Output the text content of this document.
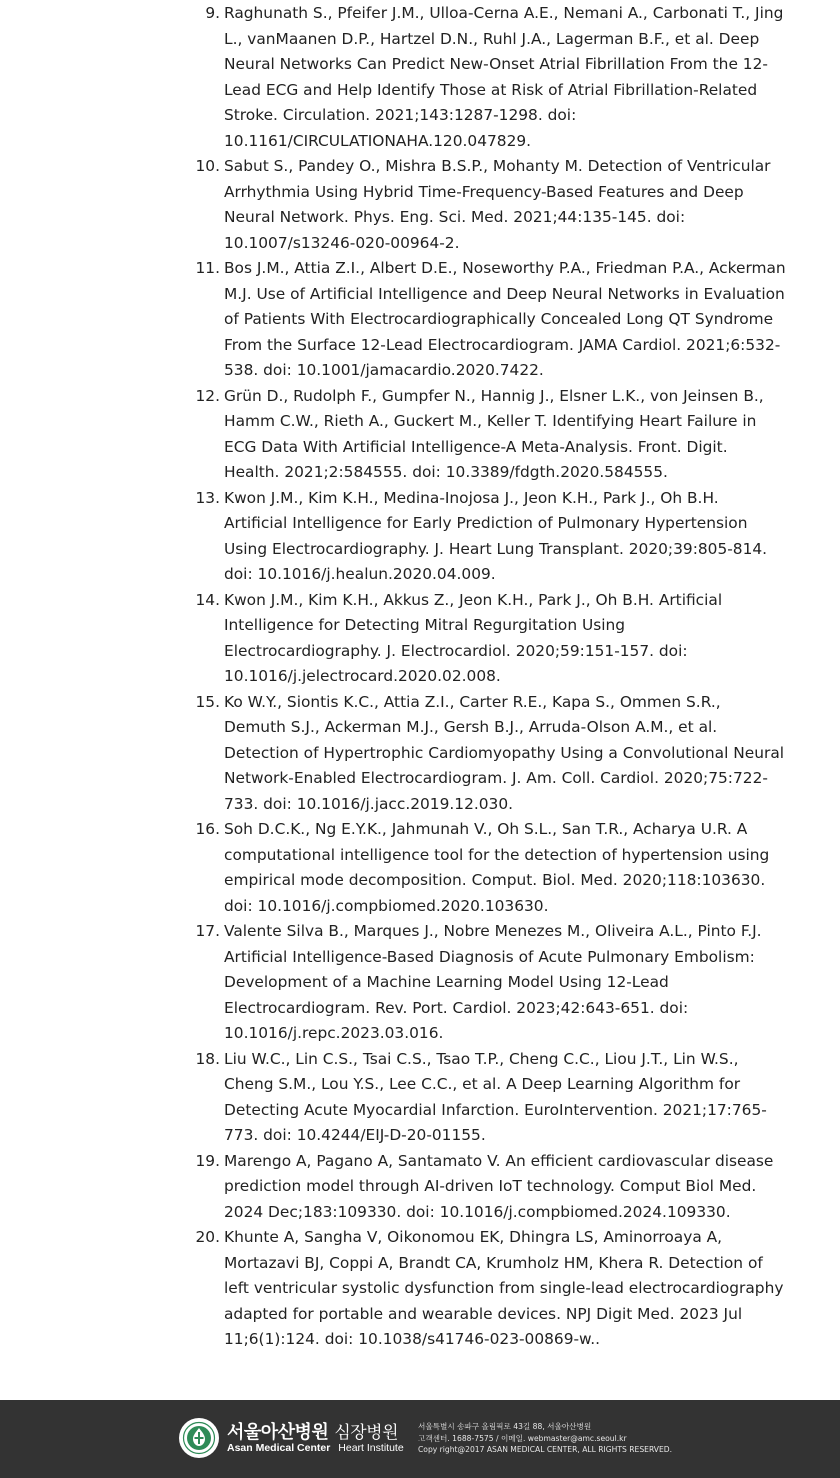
9. Raghunath S., Pfeifer J.M., Ulloa-Cerna A.E., Nemani A., Carbonati T., Jing L., vanMaanen D.P., Hartzel D.N., Ruhl J.A., Lagerman B.F., et al. Deep Neural Networks Can Predict New-Onset Atrial Fibrillation From the 12-Lead ECG and Help Identify Those at Risk of Atrial Fibrillation-Related Stroke. Circulation. 2021;143:1287-1298. doi: 10.1161/CIRCULATIONAHA.120.047829.
10. Sabut S., Pandey O., Mishra B.S.P., Mohanty M. Detection of Ventricular Arrhythmia Using Hybrid Time-Frequency-Based Features and Deep Neural Network. Phys. Eng. Sci. Med. 2021;44:135-145. doi: 10.1007/s13246-020-00964-2.
11. Bos J.M., Attia Z.I., Albert D.E., Noseworthy P.A., Friedman P.A., Ackerman M.J. Use of Artificial Intelligence and Deep Neural Networks in Evaluation of Patients With Electrocardiographically Concealed Long QT Syndrome From the Surface 12-Lead Electrocardiogram. JAMA Cardiol. 2021;6:532-538. doi: 10.1001/jamacardio.2020.7422.
12. Grün D., Rudolph F., Gumpfer N., Hannig J., Elsner L.K., von Jeinsen B., Hamm C.W., Rieth A., Guckert M., Keller T. Identifying Heart Failure in ECG Data With Artificial Intelligence-A Meta-Analysis. Front. Digit. Health. 2021;2:584555. doi: 10.3389/fdgth.2020.584555.
13. Kwon J.M., Kim K.H., Medina-Inojosa J., Jeon K.H., Park J., Oh B.H. Artificial Intelligence for Early Prediction of Pulmonary Hypertension Using Electrocardiography. J. Heart Lung Transplant. 2020;39:805-814. doi: 10.1016/j.healun.2020.04.009.
14. Kwon J.M., Kim K.H., Akkus Z., Jeon K.H., Park J., Oh B.H. Artificial Intelligence for Detecting Mitral Regurgitation Using Electrocardiography. J. Electrocardiol. 2020;59:151-157. doi: 10.1016/j.jelectrocard.2020.02.008.
15. Ko W.Y., Siontis K.C., Attia Z.I., Carter R.E., Kapa S., Ommen S.R., Demuth S.J., Ackerman M.J., Gersh B.J., Arruda-Olson A.M., et al. Detection of Hypertrophic Cardiomyopathy Using a Convolutional Neural Network-Enabled Electrocardiogram. J. Am. Coll. Cardiol. 2020;75:722-733. doi: 10.1016/j.jacc.2019.12.030.
16. Soh D.C.K., Ng E.Y.K., Jahmunah V., Oh S.L., San T.R., Acharya U.R. A computational intelligence tool for the detection of hypertension using empirical mode decomposition. Comput. Biol. Med. 2020;118:103630. doi: 10.1016/j.compbiomed.2020.103630.
17. Valente Silva B., Marques J., Nobre Menezes M., Oliveira A.L., Pinto F.J. Artificial Intelligence-Based Diagnosis of Acute Pulmonary Embolism: Development of a Machine Learning Model Using 12-Lead Electrocardiogram. Rev. Port. Cardiol. 2023;42:643-651. doi: 10.1016/j.repc.2023.03.016.
18. Liu W.C., Lin C.S., Tsai C.S., Tsao T.P., Cheng C.C., Liou J.T., Lin W.S., Cheng S.M., Lou Y.S., Lee C.C., et al. A Deep Learning Algorithm for Detecting Acute Myocardial Infarction. EuroIntervention. 2021;17:765-773. doi: 10.4244/EIJ-D-20-01155.
19. Marengo A, Pagano A, Santamato V. An efficient cardiovascular disease prediction model through AI-driven IoT technology. Comput Biol Med. 2024 Dec;183:109330. doi: 10.1016/j.compbiomed.2024.109330.
20. Khunte A, Sangha V, Oikonomou EK, Dhingra LS, Aminorroaya A, Mortazavi BJ, Coppi A, Brandt CA, Krumholz HM, Khera R. Detection of left ventricular systolic dysfunction from single-lead electrocardiography adapted for portable and wearable devices. NPJ Digit Med. 2023 Jul 11;6(1):124. doi: 10.1038/s41746-023-00869-w..
서울아산병원 심장병원
Asan Medical Center Heart Institute
서울특별시 송파구 올림픽로 43길 88, 서울아산병원
고객센터. 1688-7575 / 이메일. webmaster@amc.seoul.kr
Copy right@2017 ASAN MEDICAL CENTER, ALL RIGHTS RESERVED.
